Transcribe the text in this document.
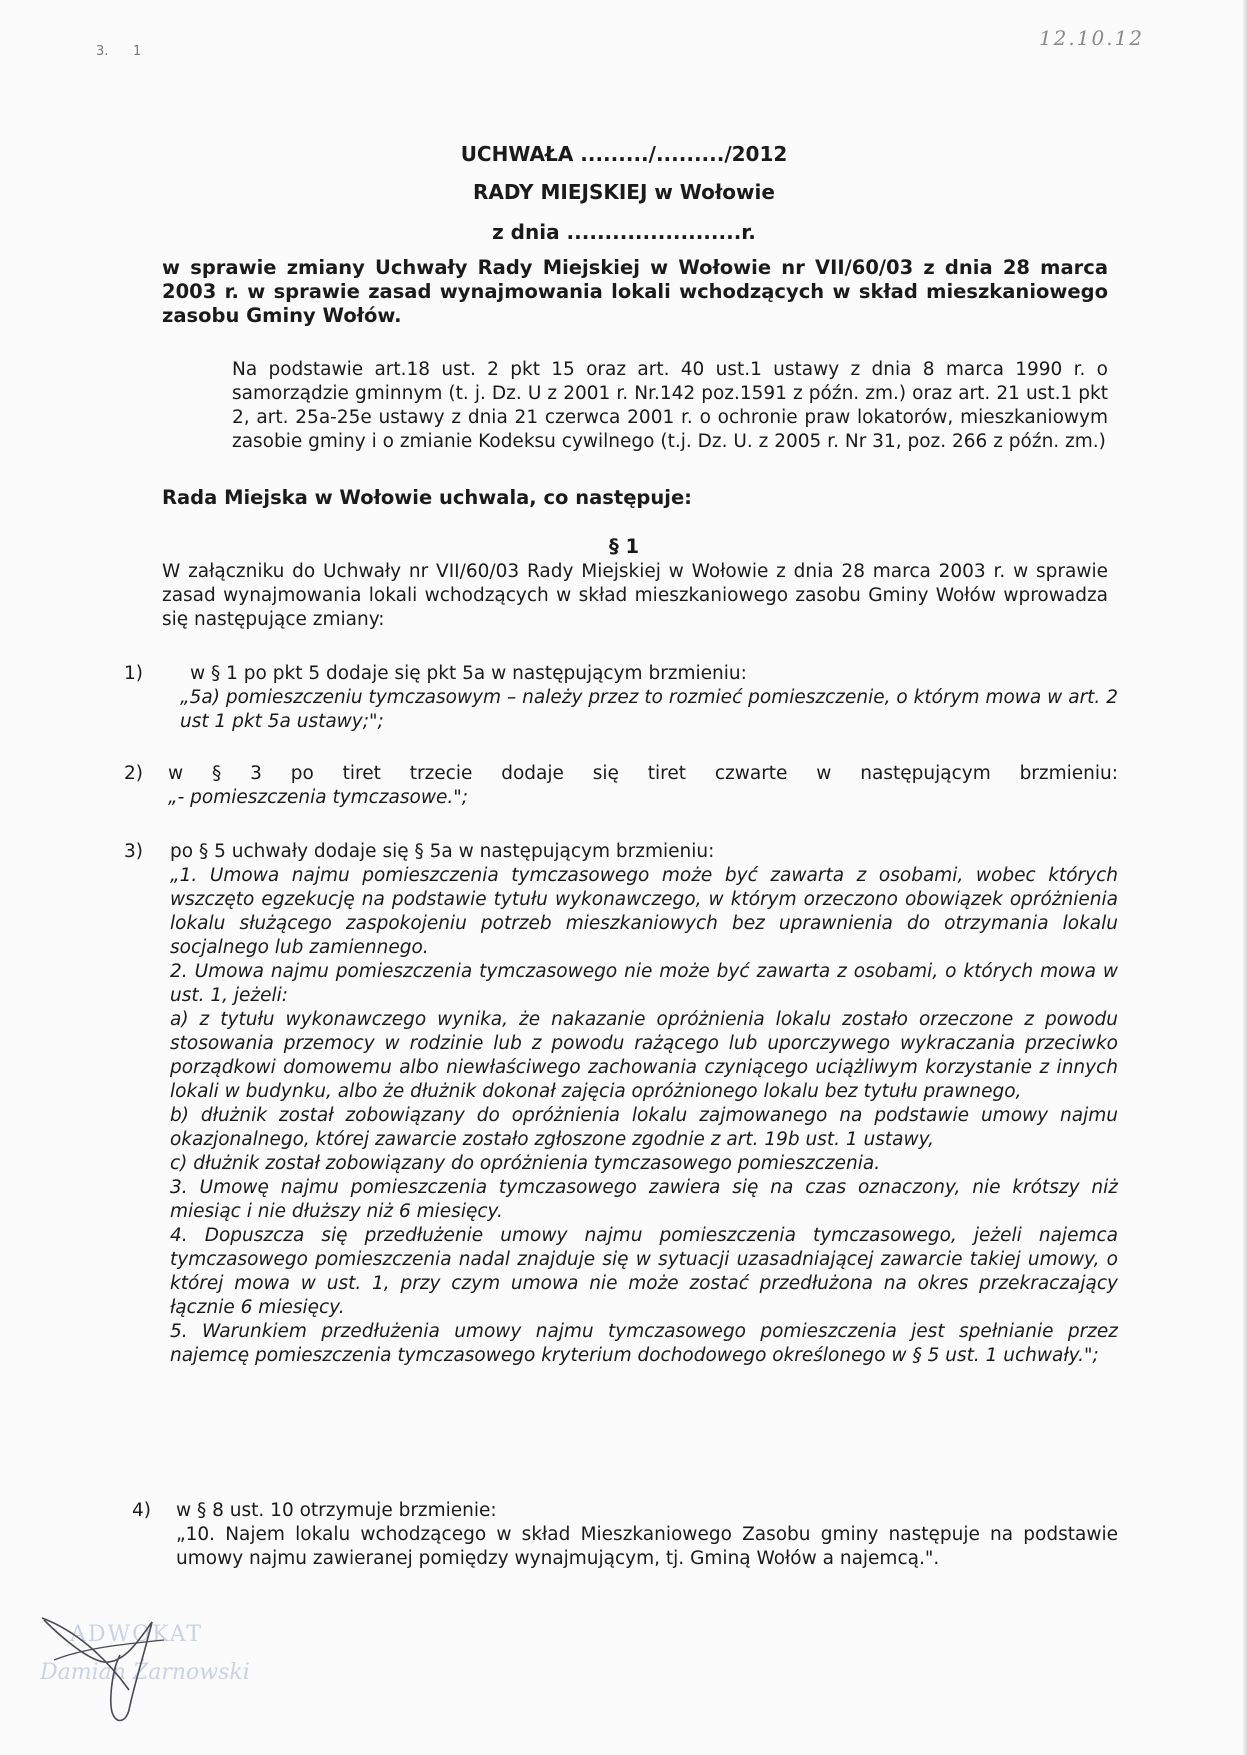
3. 1
12.10.12
UCHWAŁA ........./........./2012
RADY MIEJSKIEJ w Wołowie
z dnia .......................r.
w sprawie zmiany Uchwały Rady Miejskiej w Wołowie nr VII/60/03 z dnia 28 marca 2003 r. w sprawie zasad wynajmowania lokali wchodzących w skład mieszkaniowego zasobu Gminy Wołów.
Na podstawie art.18 ust. 2 pkt 15 oraz art. 40 ust.1 ustawy z dnia 8 marca 1990 r. o samorządzie gminnym (t. j. Dz. U z 2001 r. Nr.142 poz.1591 z późn. zm.) oraz art. 21 ust.1 pkt 2, art. 25a-25e ustawy z dnia 21 czerwca 2001 r. o ochronie praw lokatorów, mieszkaniowym zasobie gminy i o zmianie Kodeksu cywilnego (t.j. Dz. U. z 2005 r. Nr 31, poz. 266 z późn. zm.)
Rada Miejska w Wołowie uchwala, co następuje:
§ 1
W załączniku do Uchwały nr VII/60/03 Rady Miejskiej w Wołowie z dnia 28 marca 2003 r. w sprawie zasad wynajmowania lokali wchodzących w skład mieszkaniowego zasobu Gminy Wołów wprowadza się następujące zmiany:
1)	w § 1 po pkt 5 dodaje się pkt 5a w następującym brzmieniu:
„5a) pomieszczeniu tymczasowym – należy przez to rozmieć pomieszczenie, o którym mowa w art. 2 ust 1 pkt 5a ustawy;";
2) w § 3 po tiret trzecie dodaje się tiret czwarte w następującym brzmieniu:
„- pomieszczenia tymczasowe.";
3) po § 5 uchwały dodaje się § 5a w następującym brzmieniu:
„1. Umowa najmu pomieszczenia tymczasowego może być zawarta z osobami, wobec których wszczęto egzekucję na podstawie tytułu wykonawczego, w którym orzeczono obowiązek opróżnienia lokalu służącego zaspokojeniu potrzeb mieszkaniowych bez uprawnienia do otrzymania lokalu socjalnego lub zamiennego.
2. Umowa najmu pomieszczenia tymczasowego nie może być zawarta z osobami, o których mowa w ust. 1, jeżeli:
a) z tytułu wykonawczego wynika, że nakazanie opróżnienia lokalu zostało orzeczone z powodu stosowania przemocy w rodzinie lub z powodu rażącego lub uporczywego wykraczania przeciwko porządkowi domowemu albo niewłaściwego zachowania czyniącego uciążliwym korzystanie z innych lokali w budynku, albo że dłużnik dokonał zajęcia opróżnionego lokalu bez tytułu prawnego,
b) dłużnik został zobowiązany do opróżnienia lokalu zajmowanego na podstawie umowy najmu okazjonalnego, której zawarcie zostało zgłoszone zgodnie z art. 19b ust. 1 ustawy,
c) dłużnik został zobowiązany do opróżnienia tymczasowego pomieszczenia.
3. Umowę najmu pomieszczenia tymczasowego zawiera się na czas oznaczony, nie krótszy niż miesiąc i nie dłuższy niż 6 miesięcy.
4. Dopuszcza się przedłużenie umowy najmu pomieszczenia tymczasowego, jeżeli najemca tymczasowego pomieszczenia nadal znajduje się w sytuacji uzasadniającej zawarcie takiej umowy, o której mowa w ust. 1, przy czym umowa nie może zostać przedłużona na okres przekraczający łącznie 6 miesięcy.
5. Warunkiem przedłużenia umowy najmu tymczasowego pomieszczenia jest spełnianie przez najemcę pomieszczenia tymczasowego kryterium dochodowego określonego w § 5 ust. 1 uchwały.";
4) w § 8 ust. 10 otrzymuje brzmienie:
„10. Najem lokalu wchodzącego w skład Mieszkaniowego Zasobu gminy następuje na podstawie umowy najmu zawieranej pomiędzy wynajmującym, tj. Gminą Wołów a najemcą.".
ADWOKAT
Damian Żarnowski
